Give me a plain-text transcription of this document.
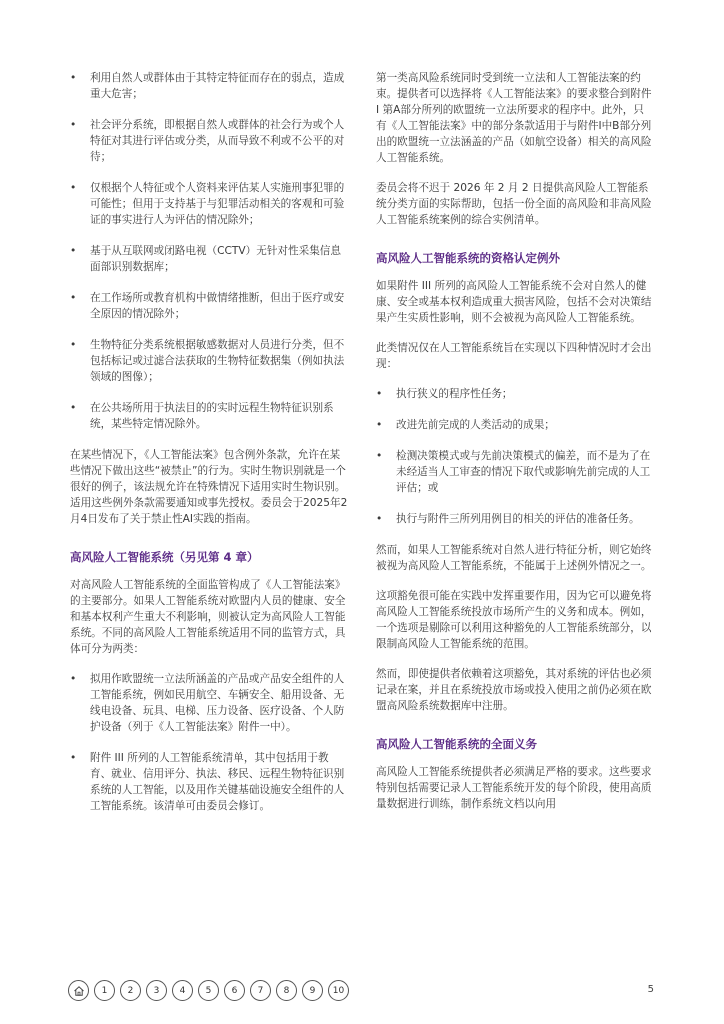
• 利用自然人或群体由于其特定特征而存在的弱点，造成重大危害；
• 社会评分系统，即根据自然人或群体的社会行为或个人特征对其进行评估或分类，从而导致不利或不公平的对待；
• 仅根据个人特征或个人资料来评估某人实施刑事犯罪的可能性；但用于支持基于与犯罪活动相关的客观和可验证的事实进行人为评估的情况除外；
• 基于从互联网或闭路电视（CCTV）无针对性采集信息面部识别数据库；
• 在工作场所或教育机构中做情绪推断，但出于医疗或安全原因的情况除外；
• 生物特征分类系统根据敏感数据对人员进行分类，但不包括标记或过滤合法获取的生物特征数据集（例如执法领域的图像）；
• 在公共场所用于执法目的的实时远程生物特征识别系统，某些特定情况除外。

在某些情况下，《人工智能法案》包含例外条款，允许在某些情况下做出这些“被禁止”的行为。实时生物识别就是一个很好的例子，该法规允许在特殊情况下适用实时生物识别。适用这些例外条款需要通知或事先授权。委员会于2025年2月4日发布了关于禁止性AI实践的指南。

高风险人工智能系统（另见第 4 章）

对高风险人工智能系统的全面监管构成了《人工智能法案》的主要部分。如果人工智能系统对欧盟内人员的健康、安全和基本权利产生重大不利影响，则被认定为高风险人工智能系统。不同的高风险人工智能系统适用不同的监管方式，具体可分为两类：

• 拟用作欧盟统一立法所涵盖的产品或产品安全组件的人工智能系统，例如民用航空、车辆安全、船用设备、无线电设备、玩具、电梯、压力设备、医疗设备、个人防护设备（列于《人工智能法案》附件一中）。
• 附件 III 所列的人工智能系统清单，其中包括用于教育、就业、信用评分、执法、移民、远程生物特征识别系统的人工智能，以及用作关键基础设施安全组件的人工智能系统。该清单可由委员会修订。

第一类高风险系统同时受到统一立法和人工智能法案的约束。提供者可以选择将《人工智能法案》的要求整合到附件 I 第A部分所列的欧盟统一立法所要求的程序中。此外，只有《人工智能法案》中的部分条款适用于与附件I中B部分列出的欧盟统一立法涵盖的产品（如航空设备）相关的高风险人工智能系统。

委员会将不迟于 2026 年 2 月 2 日提供高风险人工智能系统分类方面的实际帮助，包括一份全面的高风险和非高风险人工智能系统案例的综合实例清单。

高风险人工智能系统的资格认定例外

如果附件 III 所列的高风险人工智能系统不会对自然人的健康、安全或基本权利造成重大损害风险，包括不会对决策结果产生实质性影响，则不会被视为高风险人工智能系统。

此类情况仅在人工智能系统旨在实现以下四种情况时才会出现：

• 执行狭义的程序性任务；
• 改进先前完成的人类活动的成果；
• 检测决策模式或与先前决策模式的偏差，而不是为了在未经适当人工审查的情况下取代或影响先前完成的人工评估；或
• 执行与附件三所列用例目的相关的评估的准备任务。

然而，如果人工智能系统对自然人进行特征分析，则它始终被视为高风险人工智能系统，不能属于上述例外情况之一。

这项豁免很可能在实践中发挥重要作用，因为它可以避免将高风险人工智能系统投放市场所产生的义务和成本。例如，一个选项是剔除可以利用这种豁免的人工智能系统部分，以限制高风险人工智能系统的范围。

然而，即使提供者依赖着这项豁免，其对系统的评估也必须记录在案，并且在系统投放市场或投入使用之前仍必须在欧盟高风险系统数据库中注册。

高风险人工智能系统的全面义务

高风险人工智能系统提供者必须满足严格的要求。这些要求特别包括需要记录人工智能系统开发的每个阶段，使用高质量数据进行训练，制作系统文档以向用

1	2	3	4	5	6	7	8	9	10	5
